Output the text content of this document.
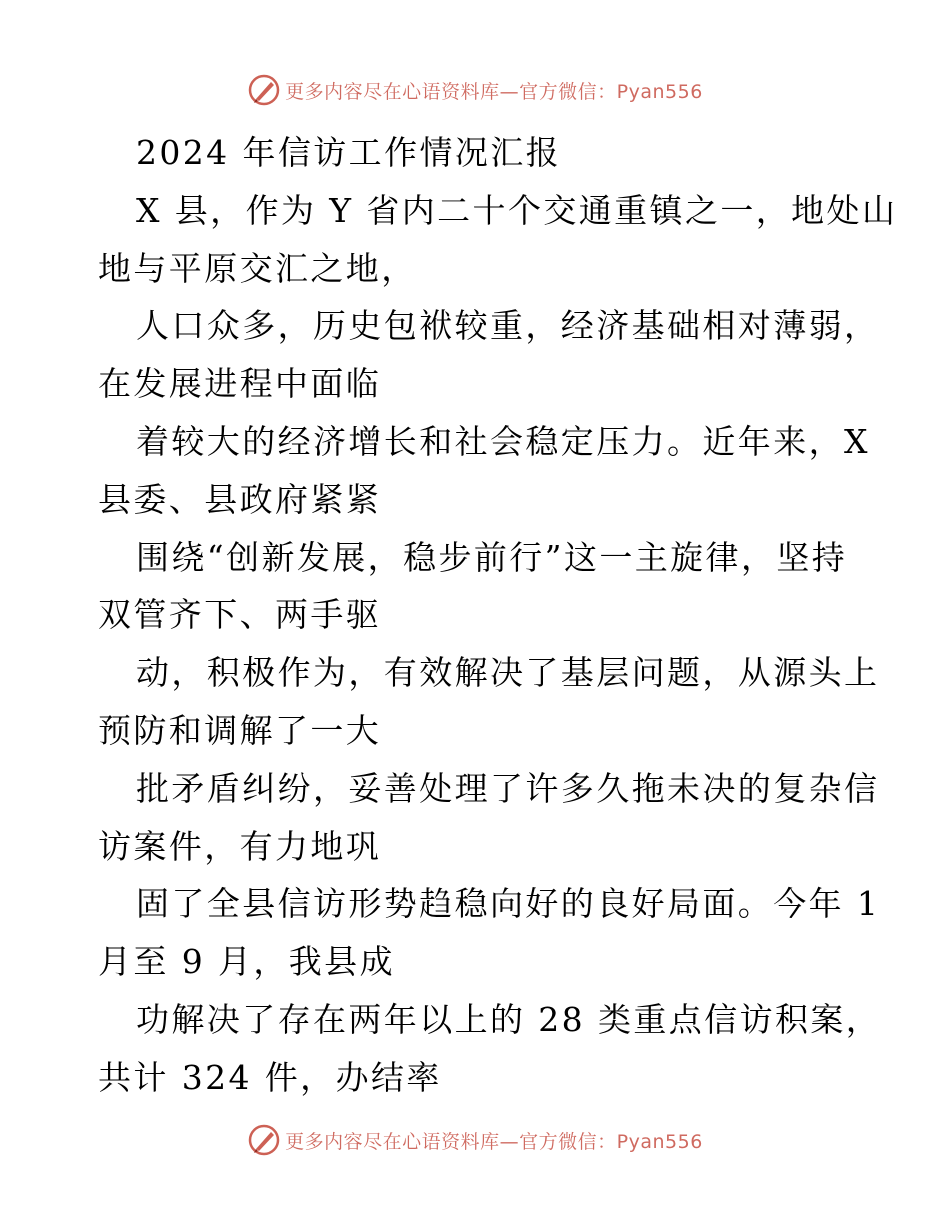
更多内容尽在心语资料库—官方微信：Pyan556
2024 年信访工作情况汇报
X 县，作为 Y 省内二十个交通重镇之一，地处山
地与平原交汇之地，
人口众多，历史包袱较重，经济基础相对薄弱，
在发展进程中面临
着较大的经济增长和社会稳定压力。近年来，X
县委、县政府紧紧
围绕“创新发展，稳步前行”这一主旋律，坚持
双管齐下、两手驱
动，积极作为，有效解决了基层问题，从源头上
预防和调解了一大
批矛盾纠纷，妥善处理了许多久拖未决的复杂信
访案件，有力地巩
固了全县信访形势趋稳向好的良好局面。今年 1
月至 9 月，我县成
功解决了存在两年以上的 28 类重点信访积案，
共计 324 件，办结率
更多内容尽在心语资料库—官方微信：Pyan556
